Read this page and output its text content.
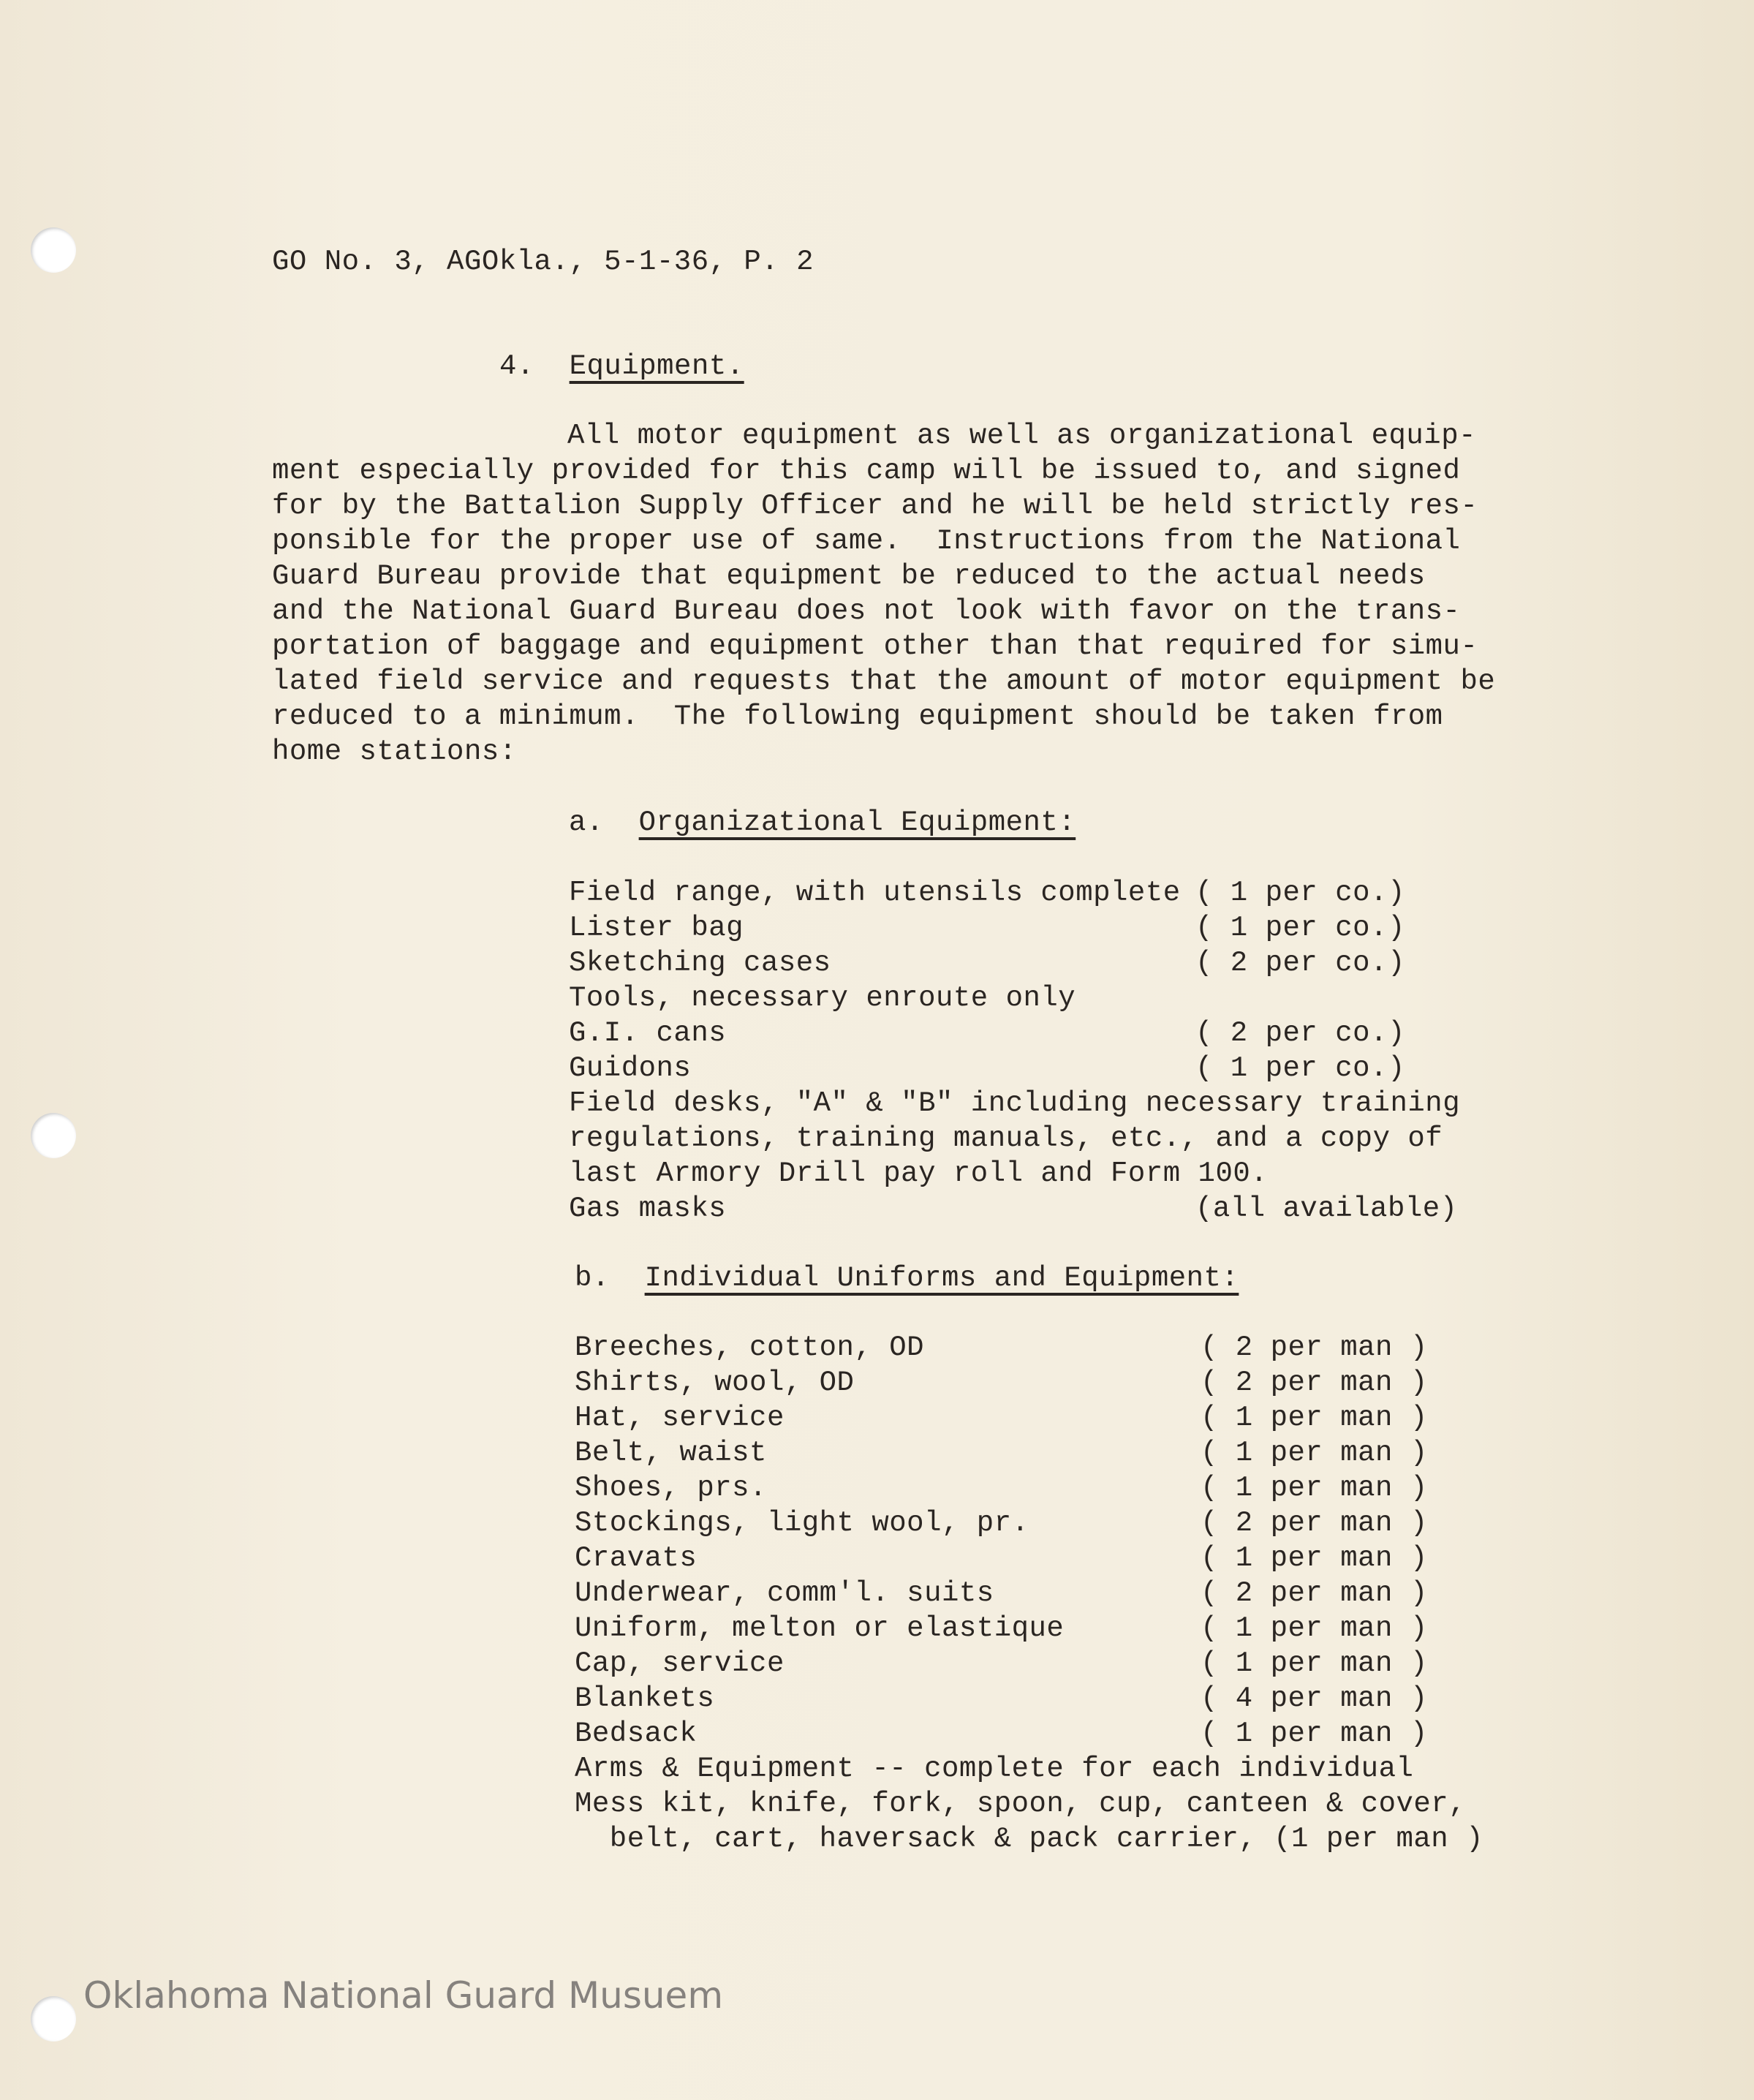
GO No. 3, AGOkla., 5-1-36, P. 2
4. Equipment.
All motor equipment as well as organizational equip-
ment especially provided for this camp will be issued to, and signed
for by the Battalion Supply Officer and he will be held strictly res-
ponsible for the proper use of same.  Instructions from the National
Guard Bureau provide that equipment be reduced to the actual needs
and the National Guard Bureau does not look with favor on the trans-
portation of baggage and equipment other than that required for simu-
lated field service and requests that the amount of motor equipment be
reduced to a minimum.  The following equipment should be taken from
home stations:
a. Organizational Equipment:
Field range, with utensils complete ( 1 per co.)
Lister bag	( 1 per co.)
Sketching cases	( 2 per co.)
Tools, necessary enroute only
G.I. cans	( 2 per co.)
Guidons	( 1 per co.)
Field desks, "A" & "B" including necessary training
regulations, training manuals, etc., and a copy of
last Armory Drill pay roll and Form 100.
Gas masks	(all available)
b. Individual Uniforms and Equipment:
Breeches, cotton, OD	( 2 per man )
Shirts, wool, OD	( 2 per man )
Hat, service	( 1 per man )
Belt, waist	( 1 per man )
Shoes, prs.	( 1 per man )
Stockings, light wool, pr.	( 2 per man )
Cravats	( 1 per man )
Underwear, comm'l. suits	( 2 per man )
Uniform, melton or elastique	( 1 per man )
Cap, service	( 1 per man )
Blankets	( 4 per man )
Bedsack	( 1 per man )
Arms & Equipment -- complete for each individual
Mess kit, knife, fork, spoon, cup, canteen & cover,
belt, cart, haversack & pack carrier, (1 per man )
Oklahoma National Guard Musuem
